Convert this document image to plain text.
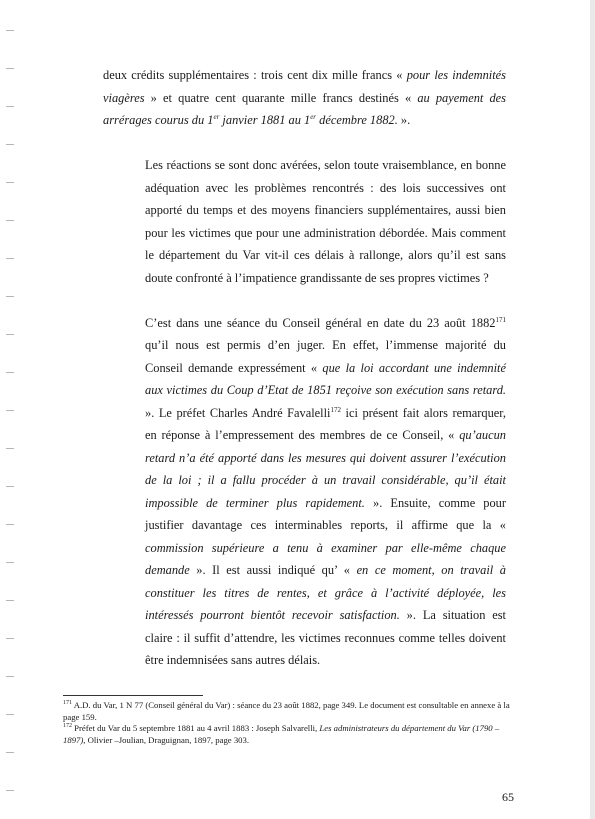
deux crédits supplémentaires : trois cent dix mille francs « pour les indemnités viagères » et quatre cent quarante mille francs destinés « au payement des arrérages courus du 1er janvier 1881 au 1er décembre 1882. ».

Les réactions se sont donc avérées, selon toute vraisemblance, en bonne adéquation avec les problèmes rencontrés : des lois successives ont apporté du temps et des moyens financiers supplémentaires, aussi bien pour les victimes que pour une administration débordée. Mais comment le département du Var vit-il ces délais à rallonge, alors qu’il est sans doute confronté à l’impatience grandissante de ses propres victimes ?

C’est dans une séance du Conseil général en date du 23 août 1882$^{171}$ qu’il nous est permis d’en juger. En effet, l’immense majorité du Conseil demande expressément « que la loi accordant une indemnité aux victimes du Coup d’Etat de 1851 reçoive son exécution sans retard. ». Le préfet Charles André Favalelli$^{172}$ ici présent fait alors remarquer, en réponse à l’empressement des membres de ce Conseil, « qu’aucun retard n’a été apporté dans les mesures qui doivent assurer l’exécution de la loi ; il a fallu procéder à un travail considérable, qu’il était impossible de terminer plus rapidement. ». Ensuite, comme pour justifier davantage ces interminables reports, il affirme que la « commission supérieure a tenu à examiner par elle-même chaque demande ». Il est aussi indiqué qu’ « en ce moment, on travail à constituer les titres de rentes, et grâce à l’activité déployée, les intéressés pourront bientôt recevoir satisfaction. ». La situation est claire : il suffit d’attendre, les victimes reconnues comme telles doivent être indemnisées sans autres délais.

$^{171}$ A.D. du Var, 1 N 77 (Conseil général du Var) : séance du 23 août 1882, page 349. Le document est consultable en annexe à la page 159.

$^{172}$ Préfet du Var du 5 septembre 1881 au 4 avril 1883 : Joseph Salvarelli, Les administrateurs du département du Var (1790 –1897), Olivier –Joulian, Draguignan, 1897, page 303.

65
